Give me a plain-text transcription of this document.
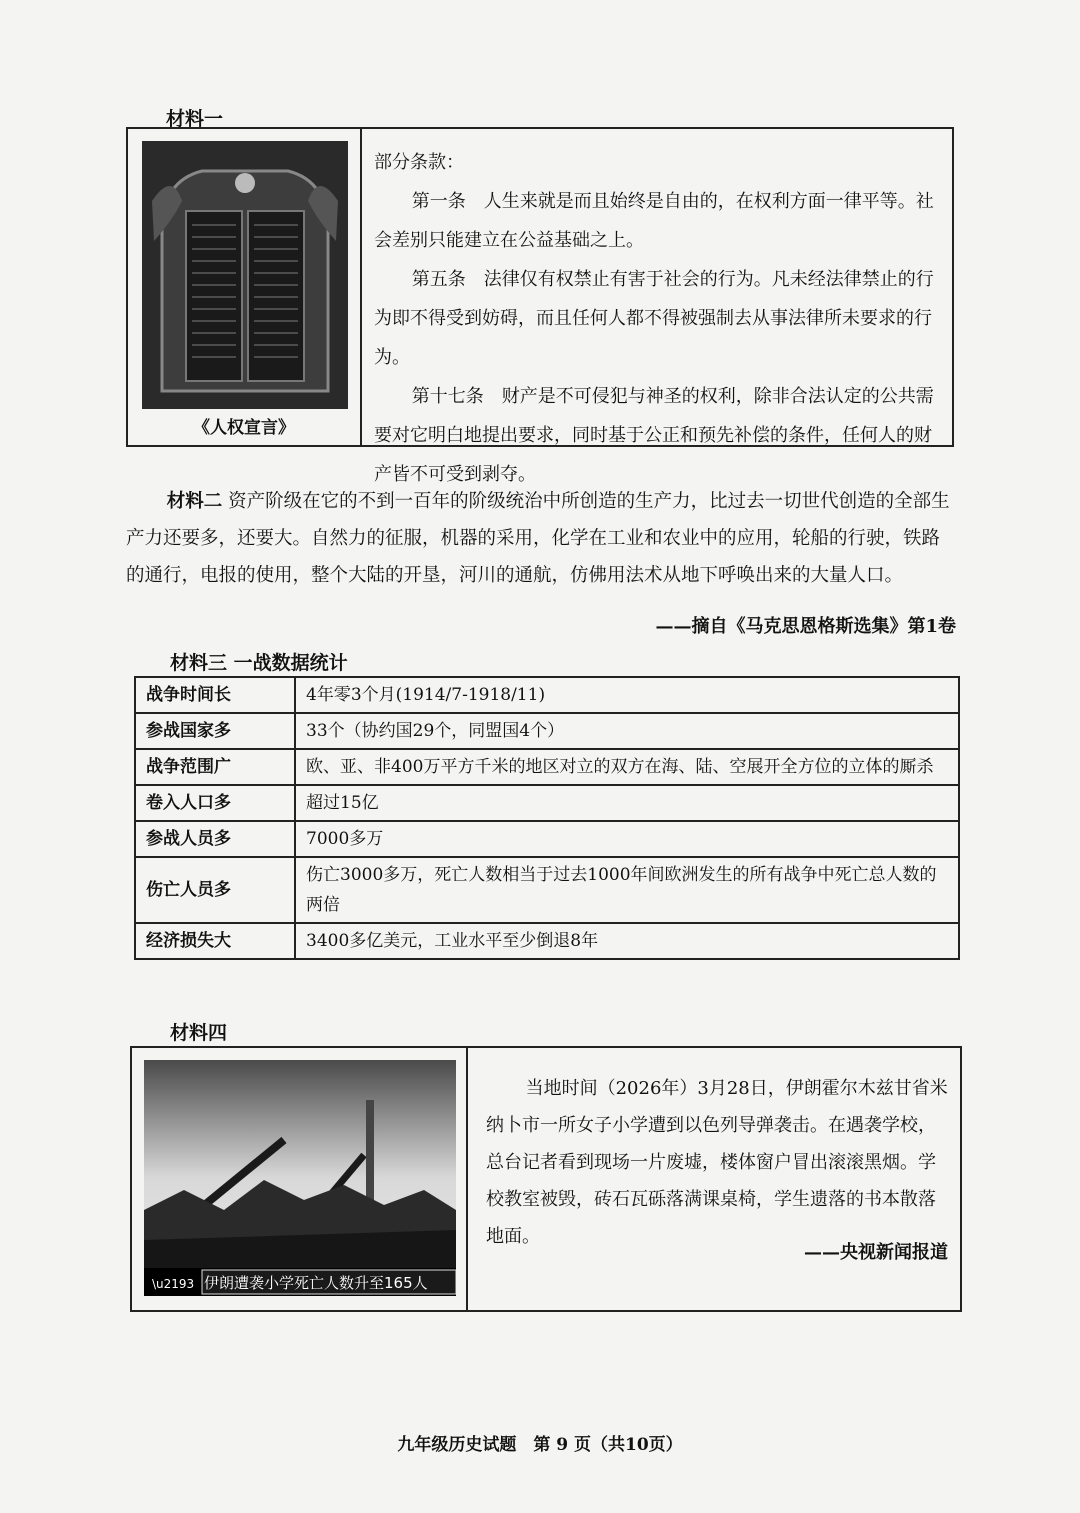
材料一
《人权宣言》

部分条款：

第一条　人生来就是而且始终是自由的，在权利方面一律平等。社会差别只能建立在公益基础之上。

第五条　法律仅有权禁止有害于社会的行为。凡未经法律禁止的行为即不得受到妨碍，而且任何人都不得被强制去从事法律所未要求的行为。

第十七条　财产是不可侵犯与神圣的权利，除非合法认定的公共需要对它明白地提出要求，同时基于公正和预先补偿的条件，任何人的财产皆不可受到剥夺。

材料二 资产阶级在它的不到一百年的阶级统治中所创造的生产力，比过去一切世代创造的全部生产力还要多，还要大。自然力的征服，机器的采用，化学在工业和农业中的应用，轮船的行驶，铁路的通行，电报的使用，整个大陆的开垦，河川的通航，仿佛用法术从地下呼唤出来的大量人口。

——摘自《马克思恩格斯选集》第1卷
材料三 一战数据统计
战争时间长	4年零3个月(1914/7-1918/11)
参战国家多	33个（协约国29个，同盟国4个）
战争范围广	欧、亚、非400万平方千米的地区对立的双方在海、陆、空展开全方位的立体的厮杀
卷入人口多	超过15亿
参战人员多	7000多万
伤亡人员多	伤亡3000多万，死亡人数相当于过去1000年间欧洲发生的所有战争中死亡总人数的两倍
经济损失大	3400多亿美元，工业水平至少倒退8年
材料四
\u2193 伊朗遭袭小学死亡人数升至165人

当地时间（2026年）3月28日，伊朗霍尔木兹甘省米纳卜市一所女子小学遭到以色列导弹袭击。在遇袭学校，总台记者看到现场一片废墟，楼体窗户冒出滚滚黑烟。学校教室被毁，砖石瓦砾落满课桌椅，学生遗落的书本散落地面。

——央视新闻报道
九年级历史试题　第 9 页（共10页）
